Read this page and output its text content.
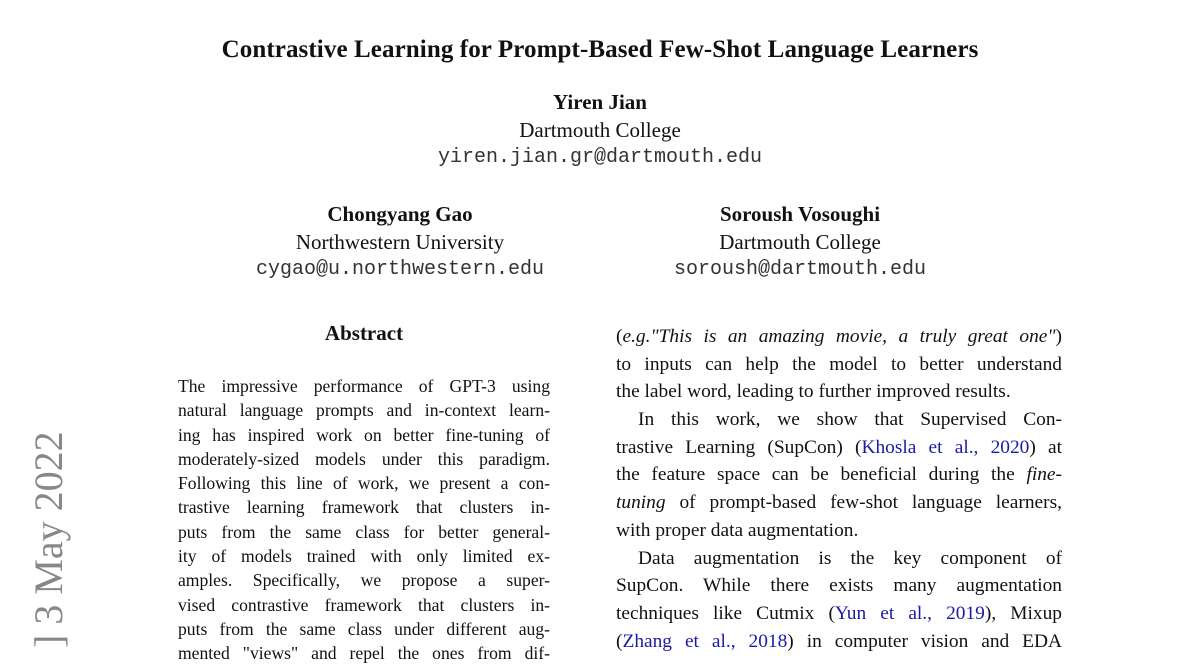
Contrastive Learning for Prompt-Based Few-Shot Language Learners
Yiren Jian
Dartmouth College
yiren.jian.gr@dartmouth.edu
Chongyang Gao
Northwestern University
cygao@u.northwestern.edu
Soroush Vosoughi
Dartmouth College
soroush@dartmouth.edu
Abstract
The impressive performance of GPT-3 using
natural language prompts and in-context learn-
ing has inspired work on better fine-tuning of
moderately-sized models under this paradigm.
Following this line of work, we present a con-
trastive learning framework that clusters in-
puts from the same class for better general-
ity of models trained with only limited ex-
amples. Specifically, we propose a super-
vised contrastive framework that clusters in-
puts from the same class under different aug-
mented "views" and repel the ones from dif-
(e.g."This is an amazing movie, a truly great one")
to inputs can help the model to better understand
the label word, leading to further improved results.
In this work, we show that Supervised Con-
trastive Learning (SupCon) (Khosla et al., 2020) at
the feature space can be beneficial during the fine-
tuning of prompt-based few-shot language learners,
with proper data augmentation.
Data augmentation is the key component of
SupCon. While there exists many augmentation
techniques like Cutmix (Yun et al., 2019), Mixup
(Zhang et al., 2018) in computer vision and EDA
] 3 May 2022
